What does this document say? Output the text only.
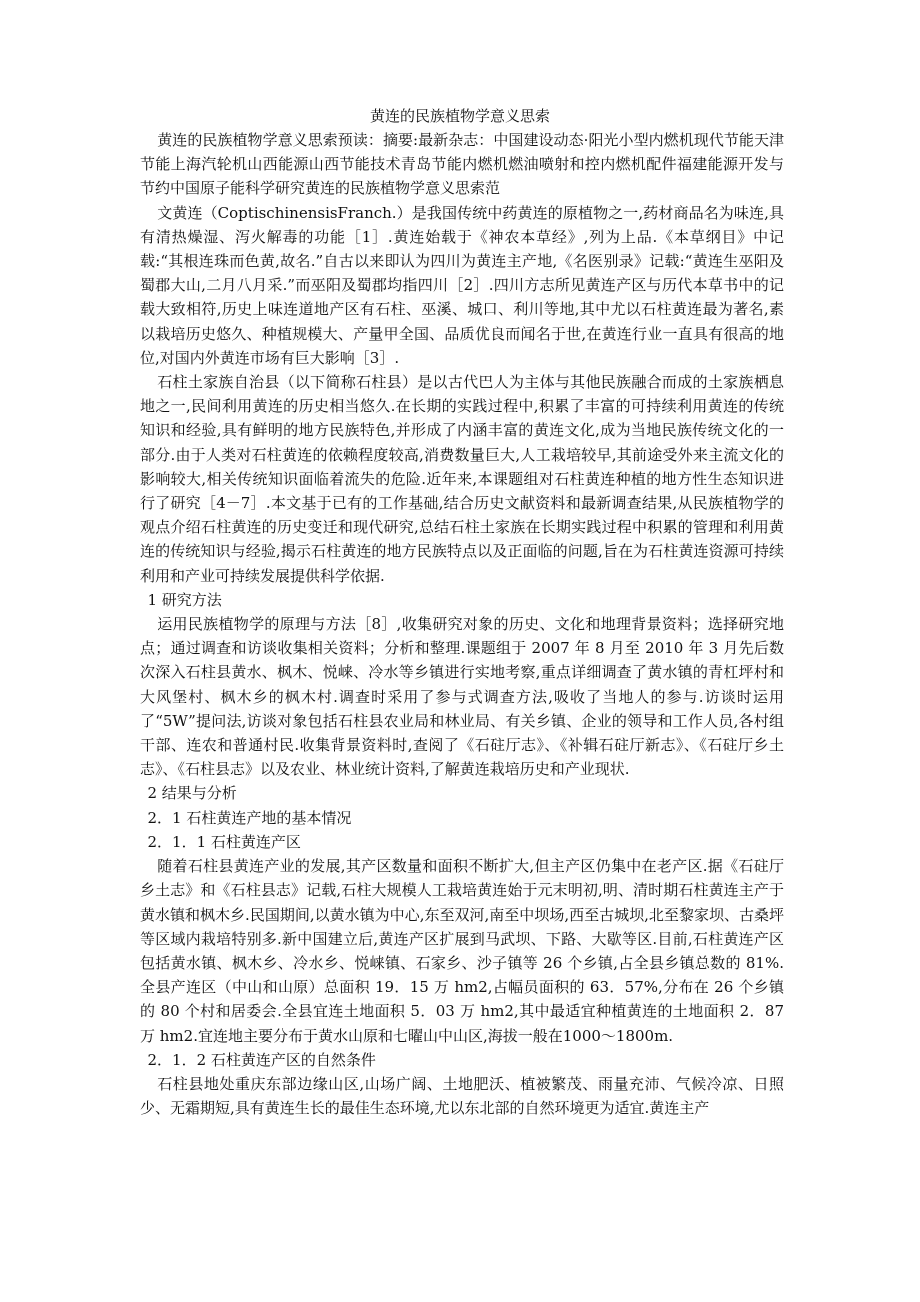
黄连的民族植物学意义思索

黄连的民族植物学意义思索预读：摘要:最新杂志：中国建设动态·阳光小型内燃机现代节能天津节能上海汽轮机山西能源山西节能技术青岛节能内燃机燃油喷射和控内燃机配件福建能源开发与节约中国原子能科学研究黄连的民族植物学意义思索范

文黄连（CoptischinensisFranch.）是我国传统中药黄连的原植物之一,药材商品名为味连,具有清热燥湿、泻火解毒的功能［1］.黄连始载于《神农本草经》,列为上品.《本草纲目》中记载:“其根连珠而色黄,故名.”自古以来即认为四川为黄连主产地,《名医别录》记载:“黄连生巫阳及蜀郡大山,二月八月采.”而巫阳及蜀郡均指四川［2］.四川方志所见黄连产区与历代本草书中的记载大致相符,历史上味连道地产区有石柱、巫溪、城口、利川等地,其中尤以石柱黄连最为著名,素以栽培历史悠久、种植规模大、产量甲全国、品质优良而闻名于世,在黄连行业一直具有很高的地位,对国内外黄连市场有巨大影响［3］.

石柱土家族自治县（以下简称石柱县）是以古代巴人为主体与其他民族融合而成的土家族栖息地之一,民间利用黄连的历史相当悠久.在长期的实践过程中,积累了丰富的可持续利用黄连的传统知识和经验,具有鲜明的地方民族特色,并形成了内涵丰富的黄连文化,成为当地民族传统文化的一部分.由于人类对石柱黄连的依赖程度较高,消费数量巨大,人工栽培较早,其前途受外来主流文化的影响较大,相关传统知识面临着流失的危险.近年来,本课题组对石柱黄连种植的地方性生态知识进行了研究［4－7］.本文基于已有的工作基础,结合历史文献资料和最新调查结果,从民族植物学的观点介绍石柱黄连的历史变迁和现代研究,总结石柱土家族在长期实践过程中积累的管理和利用黄连的传统知识与经验,揭示石柱黄连的地方民族特点以及正面临的问题,旨在为石柱黄连资源可持续利用和产业可持续发展提供科学依据.

1 研究方法

运用民族植物学的原理与方法［8］,收集研究对象的历史、文化和地理背景资料；选择研究地点；通过调查和访谈收集相关资料；分析和整理.课题组于 2007 年 8 月至 2010 年 3 月先后数次深入石柱县黄水、枫木、悦崃、冷水等乡镇进行实地考察,重点详细调查了黄水镇的青杠坪村和大风堡村、枫木乡的枫木村.调查时采用了参与式调查方法,吸收了当地人的参与.访谈时运用了“5W”提问法,访谈对象包括石柱县农业局和林业局、有关乡镇、企业的领导和工作人员,各村组干部、连农和普通村民.收集背景资料时,查阅了《石砫厅志》、《补辑石砫厅新志》、《石砫厅乡土志》、《石柱县志》以及农业、林业统计资料,了解黄连栽培历史和产业现状.

2 结果与分析

2．1 石柱黄连产地的基本情况

2．1．1 石柱黄连产区

随着石柱县黄连产业的发展,其产区数量和面积不断扩大,但主产区仍集中在老产区.据《石砫厅乡土志》和《石柱县志》记载,石柱大规模人工栽培黄连始于元末明初,明、清时期石柱黄连主产于黄水镇和枫木乡.民国期间,以黄水镇为中心,东至双河,南至中坝场,西至古城坝,北至黎家坝、古桑坪等区域内栽培特别多.新中国建立后,黄连产区扩展到马武坝、下路、大歇等区.目前,石柱黄连产区包括黄水镇、枫木乡、冷水乡、悦崃镇、石家乡、沙子镇等 26 个乡镇,占全县乡镇总数的 81%.全县产连区（中山和山原）总面积 19．15 万 hm2,占幅员面积的 63．57%,分布在 26 个乡镇的 80 个村和居委会.全县宜连土地面积 5．03 万 hm2,其中最适宜种植黄连的土地面积 2．87 万 hm2.宜连地主要分布于黄水山原和七曜山中山区,海拔一般在1000～1800m.

2．1．2 石柱黄连产区的自然条件

石柱县地处重庆东部边缘山区,山场广阔、土地肥沃、植被繁茂、雨量充沛、气候冷凉、日照少、无霜期短,具有黄连生长的最佳生态环境,尤以东北部的自然环境更为适宜.黄连主产
